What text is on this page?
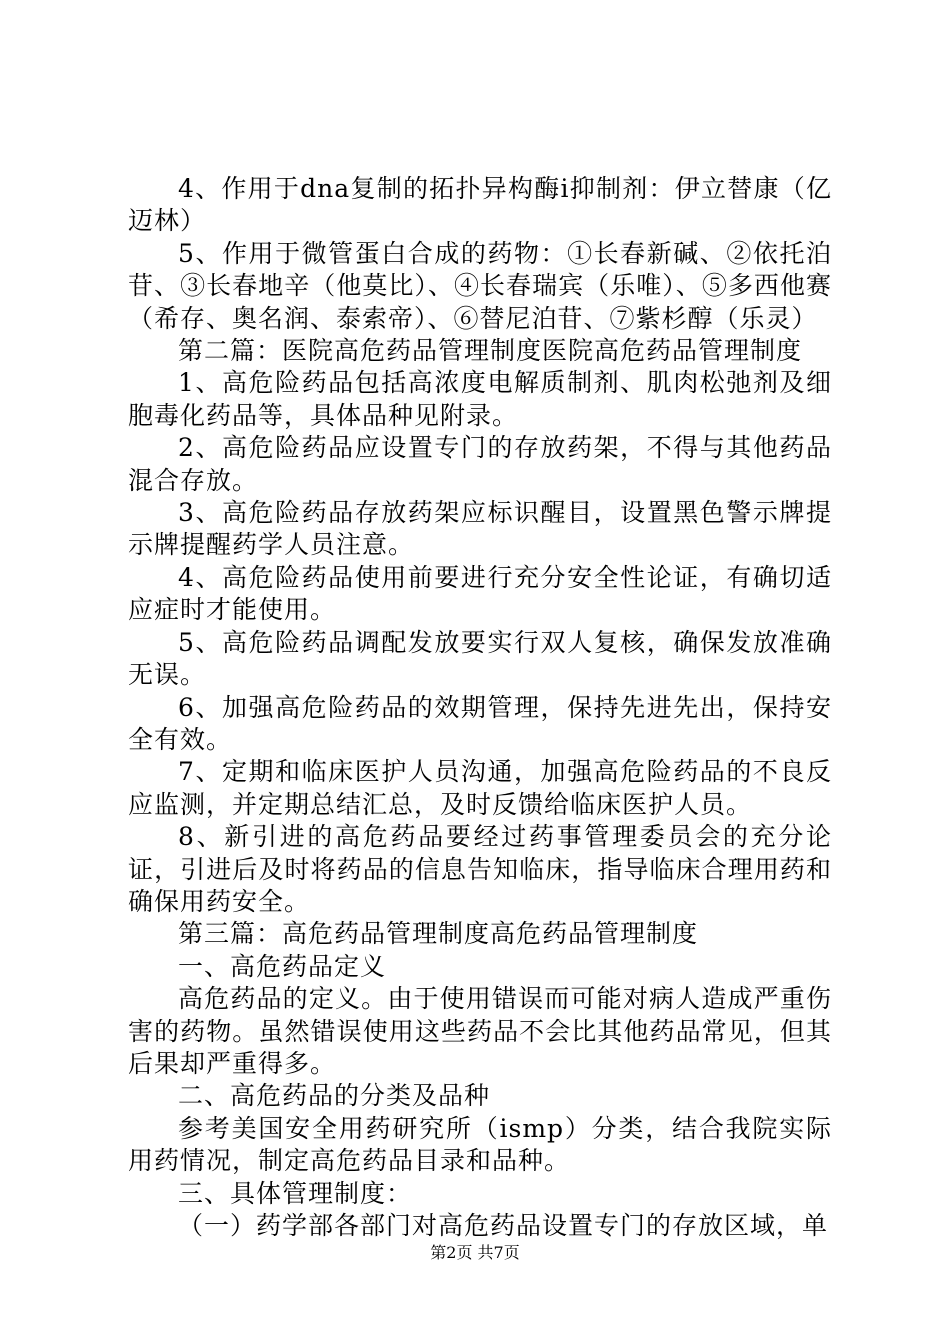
4、作用于dna复制的拓扑异构酶i抑制剂：伊立替康（亿迈林）

5、作用于微管蛋白合成的药物：①长春新碱、②依托泊苷、③长春地辛（他莫比）、④长春瑞宾（乐唯）、⑤多西他赛（希存、奥名润、泰索帝）、⑥替尼泊苷、⑦紫杉醇（乐灵）

第二篇：医院高危药品管理制度医院高危药品管理制度

1、高危险药品包括高浓度电解质制剂、肌肉松弛剂及细胞毒化药品等，具体品种见附录。

2、高危险药品应设置专门的存放药架，不得与其他药品混合存放。

3、高危险药品存放药架应标识醒目，设置黑色警示牌提示牌提醒药学人员注意。

4、高危险药品使用前要进行充分安全性论证，有确切适应症时才能使用。

5、高危险药品调配发放要实行双人复核，确保发放准确无误。

6、加强高危险药品的效期管理，保持先进先出，保持安全有效。

7、定期和临床医护人员沟通，加强高危险药品的不良反应监测，并定期总结汇总，及时反馈给临床医护人员。

8、新引进的高危药品要经过药事管理委员会的充分论证，引进后及时将药品的信息告知临床，指导临床合理用药和确保用药安全。

第三篇：高危药品管理制度高危药品管理制度

一、高危药品定义

高危药品的定义。由于使用错误而可能对病人造成严重伤害的药物。虽然错误使用这些药品不会比其他药品常见，但其后果却严重得多。

二、高危药品的分类及品种

参考美国安全用药研究所（ismp）分类，结合我院实际用药情况，制定高危药品目录和品种。

三、具体管理制度：

（一）药学部各部门对高危药品设置专门的存放区域，单

第2页 共7页
